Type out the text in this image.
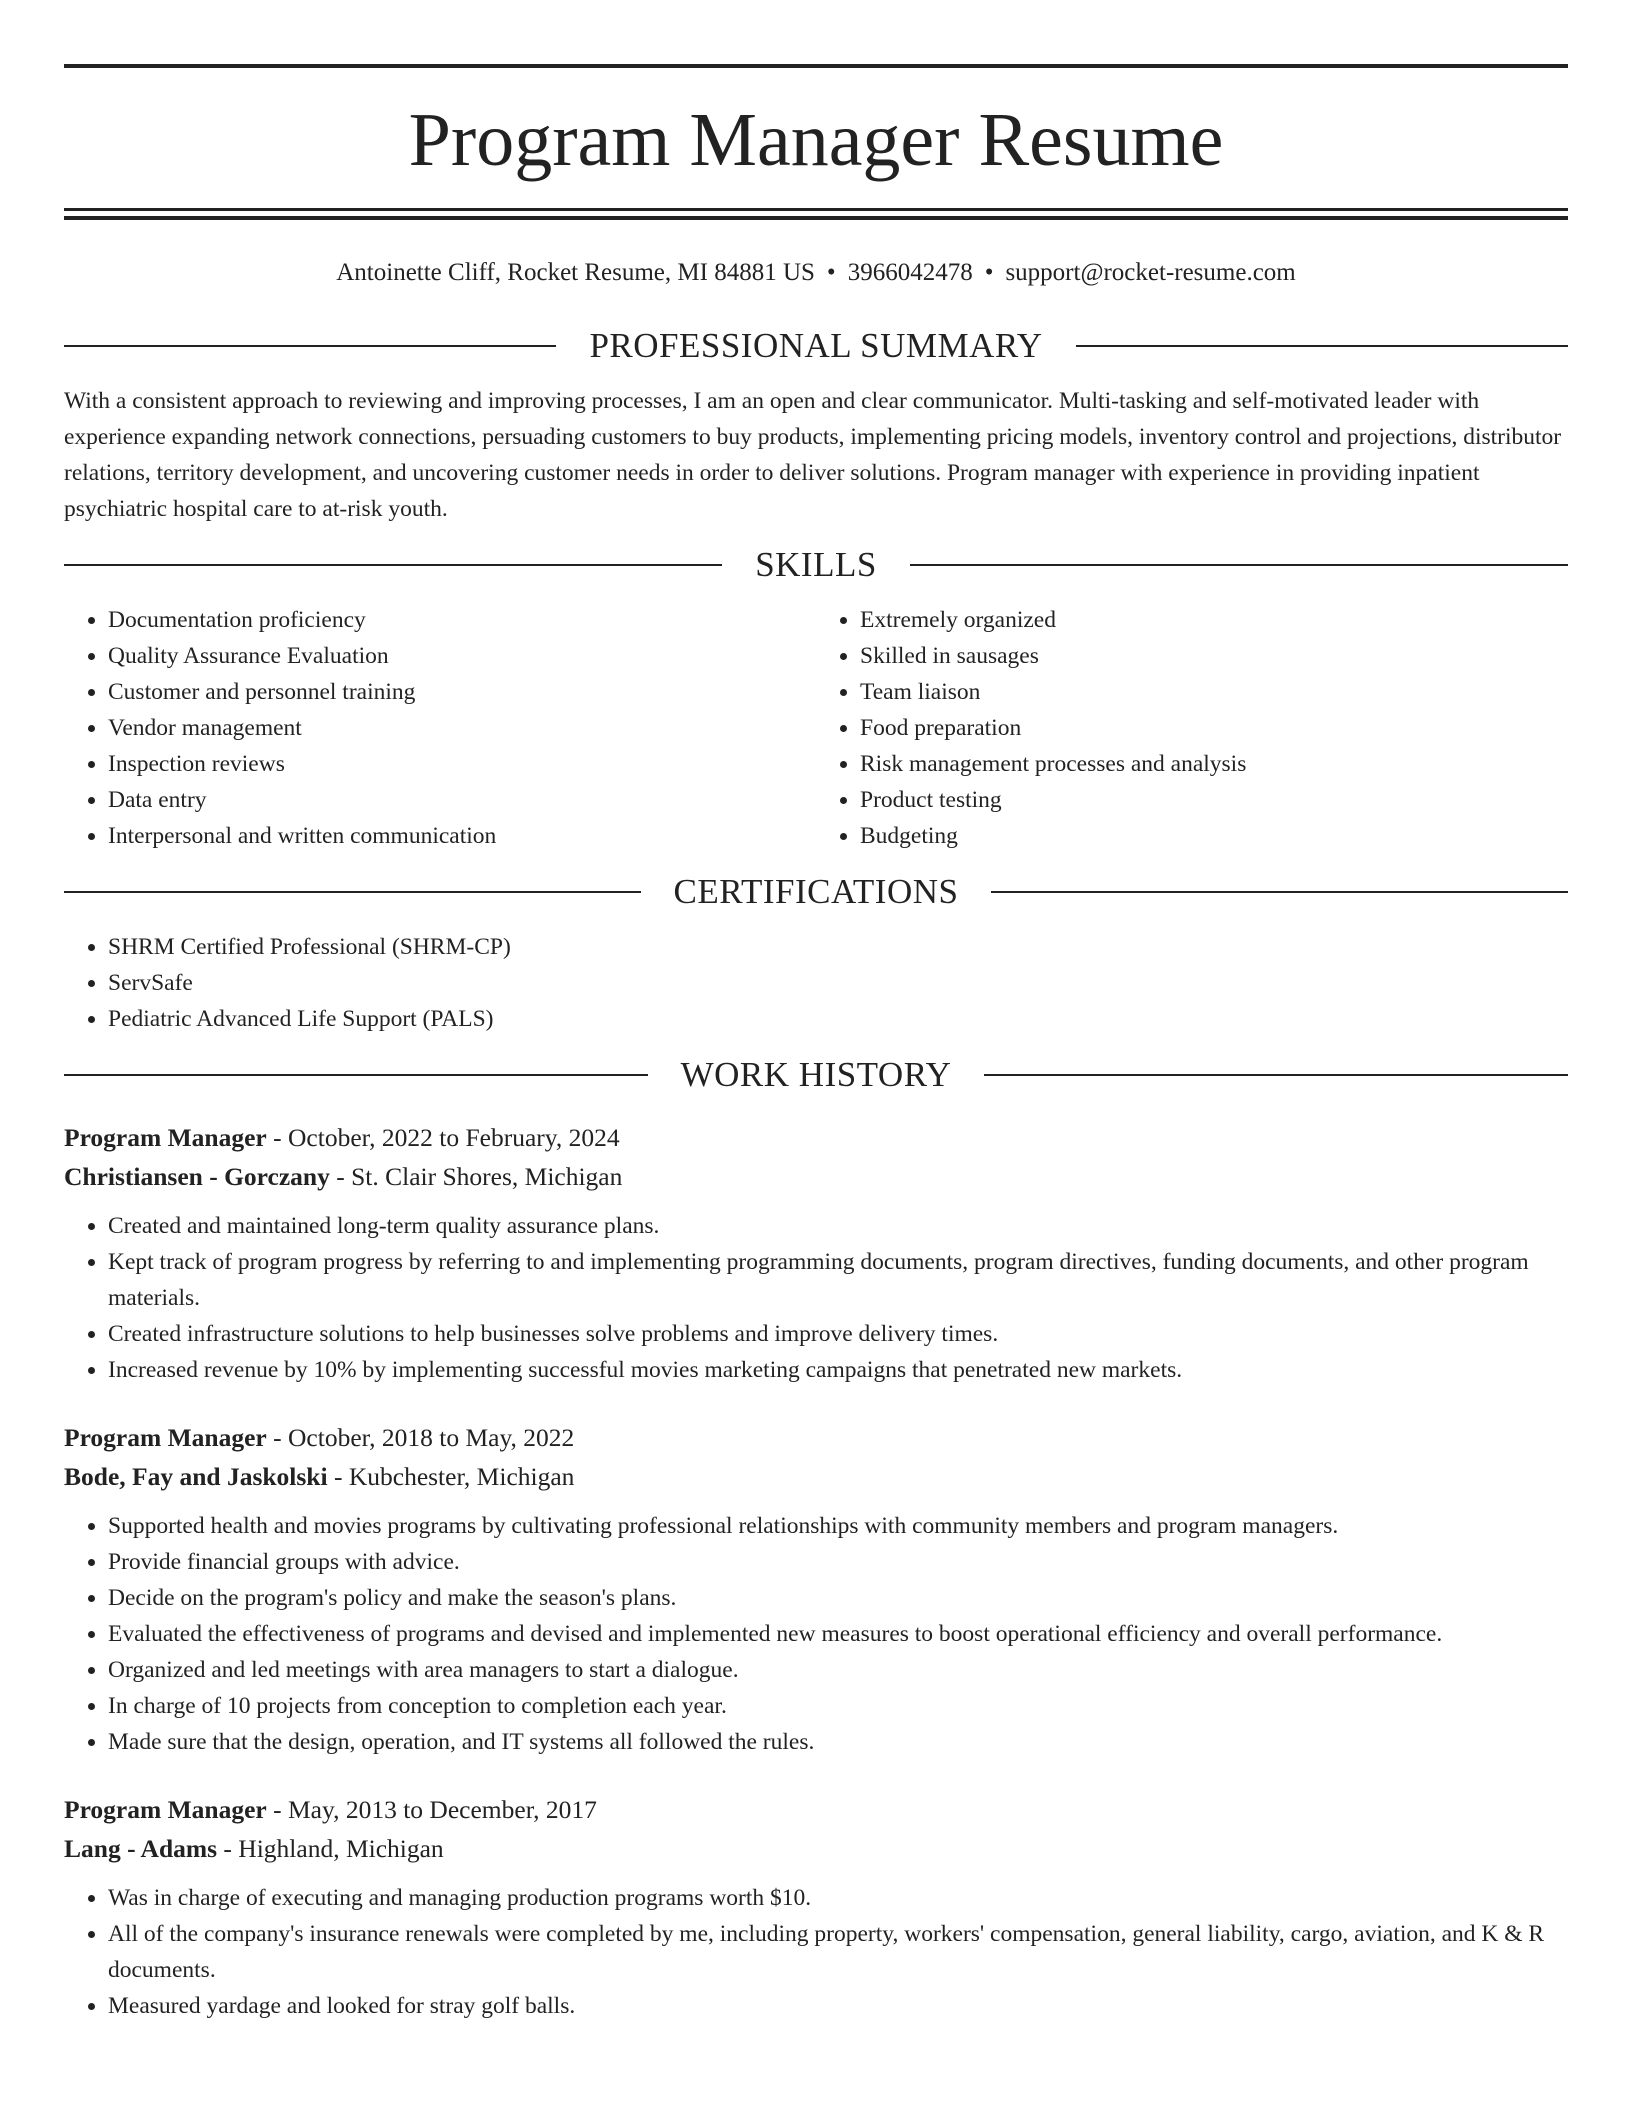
Program Manager Resume
Antoinette Cliff, Rocket Resume, MI 84881 US • 3966042478 • support@rocket-resume.com
PROFESSIONAL SUMMARY

With a consistent approach to reviewing and improving processes, I am an open and clear communicator. Multi-tasking and self-motivated leader with experience expanding network connections, persuading customers to buy products, implementing pricing models, inventory control and projections, distributor relations, territory development, and uncovering customer needs in order to deliver solutions. Program manager with experience in providing inpatient psychiatric hospital care to at-risk youth.

SKILLS
• Documentation proficiency
• Quality Assurance Evaluation
• Customer and personnel training
• Vendor management
• Inspection reviews
• Data entry
• Interpersonal and written communication
• Extremely organized
• Skilled in sausages
• Team liaison
• Food preparation
• Risk management processes and analysis
• Product testing
• Budgeting
CERTIFICATIONS
• SHRM Certified Professional (SHRM-CP)
• ServSafe
• Pediatric Advanced Life Support (PALS)
WORK HISTORY
Program Manager - October, 2022 to February, 2024
Christiansen - Gorczany - St. Clair Shores, Michigan
• Created and maintained long-term quality assurance plans.
• Kept track of program progress by referring to and implementing programming documents, program directives, funding documents, and other program materials.
• Created infrastructure solutions to help businesses solve problems and improve delivery times.
• Increased revenue by 10% by implementing successful movies marketing campaigns that penetrated new markets.
Program Manager - October, 2018 to May, 2022
Bode, Fay and Jaskolski - Kubchester, Michigan
• Supported health and movies programs by cultivating professional relationships with community members and program managers.
• Provide financial groups with advice.
• Decide on the program's policy and make the season's plans.
• Evaluated the effectiveness of programs and devised and implemented new measures to boost operational efficiency and overall performance.
• Organized and led meetings with area managers to start a dialogue.
• In charge of 10 projects from conception to completion each year.
• Made sure that the design, operation, and IT systems all followed the rules.
Program Manager - May, 2013 to December, 2017
Lang - Adams - Highland, Michigan
• Was in charge of executing and managing production programs worth $10.
• All of the company's insurance renewals were completed by me, including property, workers' compensation, general liability, cargo, aviation, and K & R documents.
• Measured yardage and looked for stray golf balls.
